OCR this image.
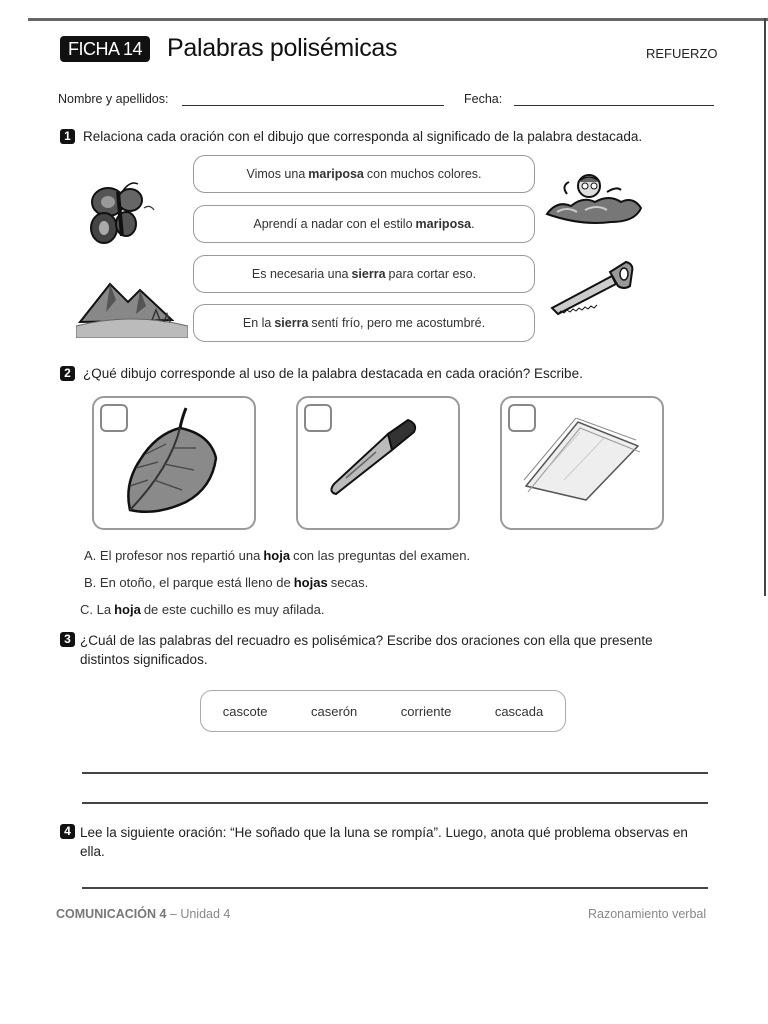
FICHA 14 Palabras polisémicas	REFUERZO
Nombre y apellidos:	Fecha:
1 Relaciona cada oración con el dibujo que corresponda al significado de la palabra destacada.
Vimos una mariposa con muchos colores.
Aprendí a nadar con el estilo mariposa .
Es necesaria una sierra para cortar eso.
En la sierra sentí frío, pero me acostumbré.
2 ¿Qué dibujo corresponde al uso de la palabra destacada en cada oración? Escribe.
A. El profesor nos repartió una hoja con las preguntas del examen.
B. En otoño, el parque está lleno de hojas secas.
C. La hoja de este cuchillo es muy afilada.
3 ¿Cuál de las palabras del recuadro es polisémica? Escribe dos oraciones con ella que presente distintos significados.
cascote	caserón	corriente	cascada
4 Lee la siguiente oración: “He soñado que la luna se rompía”. Luego, anota qué problema observas en ella.
COMUNICACIÓN 4 – Unidad 4	Razonamiento verbal
